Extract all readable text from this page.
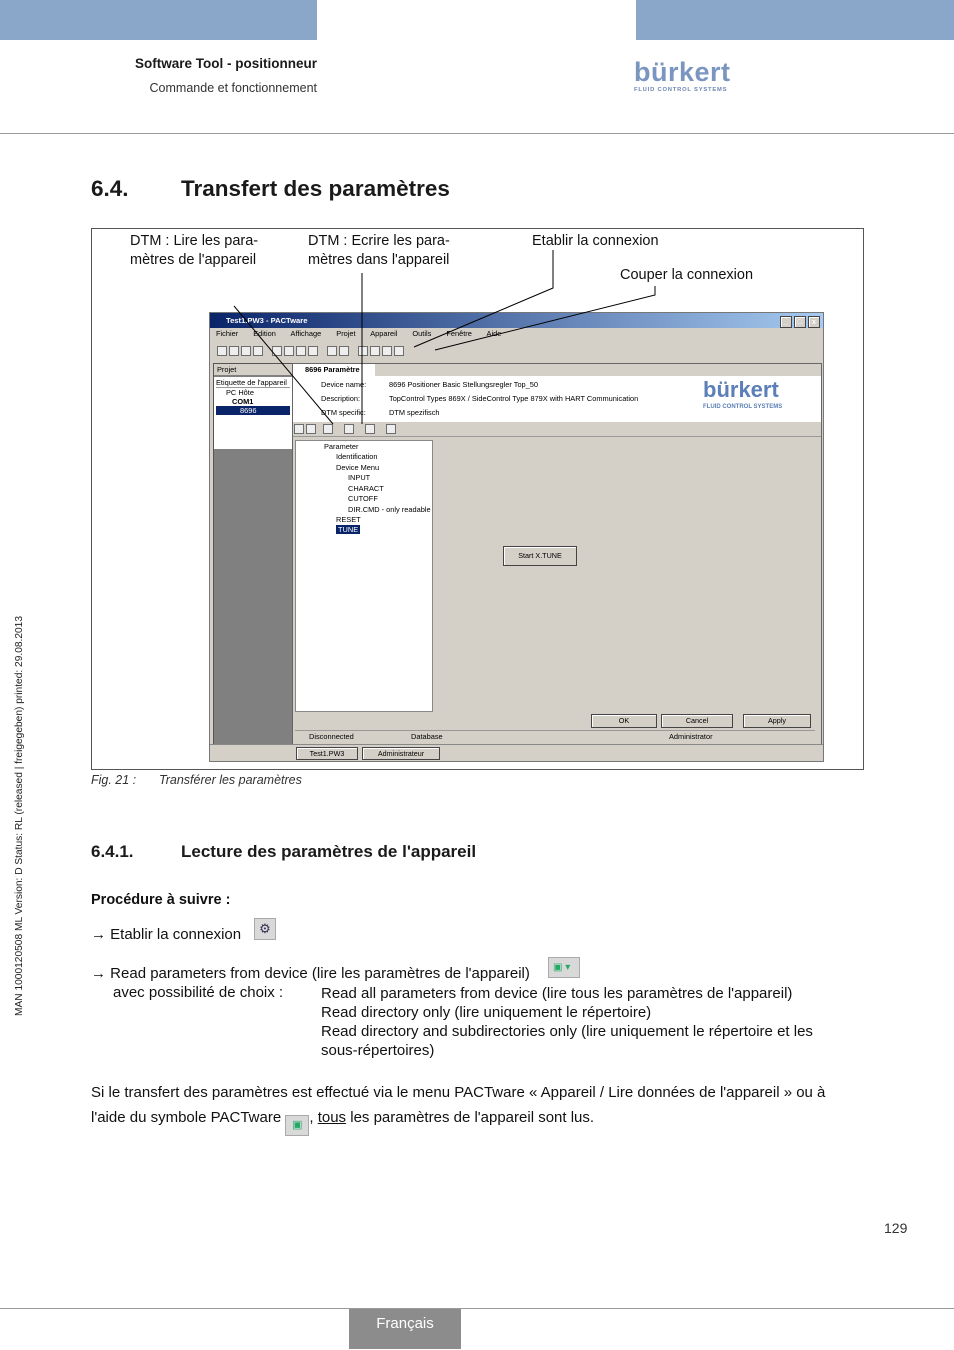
Software Tool - positionneur
Commande et fonctionnement
bürkert
FLUID CONTROL SYSTEMS
MAN 1000120508 ML Version: D Status: RL (released | freigegeben) printed: 29.08.2013
6.4. Transfert des paramètres
DTM : Lire les para-
mètres de l'appareil
DTM : Ecrire les para-
mètres dans l'appareil
Etablir la connexion
Couper la connexion
Test1.PW3 - PACTware	_ □ x
Fichier Edition Affichage Projet Appareil Outils Fenêtre Aide

Projet
Etiquette de l'appareil
PC Hôte
COM1
8696
8696 Paramètre
Device name:	8696 Positioner Basic Stellungsregler Top_50
Description:	TopControl Types 869X / SideControl Type 879X with HART Communication
DTM specific:	DTM spezifisch
bürkert
FLUID CONTROL SYSTEMS

Parameter
Identification
Device Menu
INPUT
CHARACT
CUTOFF
DIR.CMD - only readable
RESET
TUNE
Start X.TUNE
OK	Cancel	Apply
Disconnected	Database	Administrator
Test1.PW3	Administrateur
Fig. 21 : Transférer les paramètres
6.4.1.	Lecture des paramètres de l'appareil
Procédure à suivre :
→ Etablir la connexion	⚙
→ Read parameters from device (lire les paramètres de l'appareil)	▣ ▾
avec possibilité de choix :	Read all parameters from device (lire tous les paramètres de l'appareil)
Read directory only (lire uniquement le répertoire)
Read directory and subdirectories only (lire uniquement le répertoire et les
sous-répertoires)
Si le transfert des paramètres est effectué via le menu PACTware « Appareil / Lire données de l'appareil » ou à
l'aide du symbole PACTware ▣ , tous les paramètres de l'appareil sont lus.
129
Français
